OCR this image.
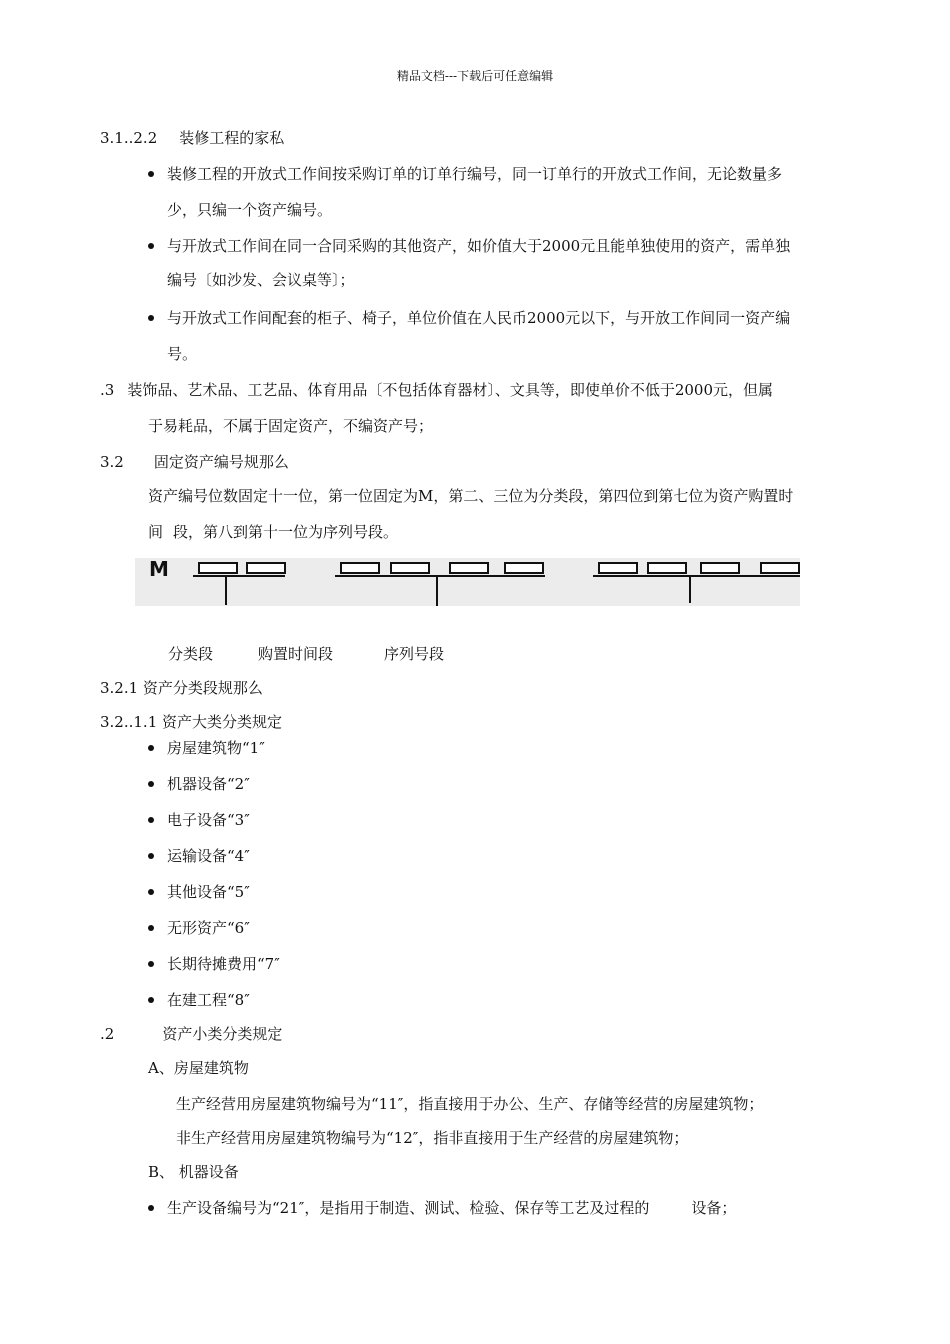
精品文档---下载后可任意编辑
3.1..2.2 装修工程的家私
装修工程的开放式工作间按采购订单的订单行编号，同一订单行的开放式工作间，无论数量多
少，只编一个资产编号。
与开放式工作间在同一合同采购的其他资产，如价值大于2000元且能单独使用的资产，需单独
编号〔如沙发、会议桌等〕；
与开放式工作间配套的柜子、椅子，单位价值在人民币2000元以下，与开放工作间同一资产编
号。
.3 装饰品、艺术品、工艺品、体育用品〔不包括体育器材〕、文具等，即使单价不低于2000元，但属
于易耗品，不属于固定资产，不编资产号；
3.2 固定资产编号规那么
资产编号位数固定十一位，第一位固定为M，第二、三位为分类段，第四位到第七位为资产购置时
间 段，第八到第十一位为序列号段。
M
分类段	购置时间段	序列号段
3.2.1 资产分类段规那么
3.2..1.1 资产大类分类规定
房屋建筑物“1″
机器设备“2″
电子设备“3″
运输设备“4″
其他设备“5″
无形资产“6″
长期待摊费用“7″
在建工程“8″
.2	资产小类分类规定
A、房屋建筑物
生产经营用房屋建筑物编号为“11″，指直接用于办公、生产、存储等经营的房屋建筑物；
非生产经营用房屋建筑物编号为“12″，指非直接用于生产经营的房屋建筑物；
B、 机器设备
生产设备编号为“21″，是指用于制造、测试、检验、保存等工艺及过程的	设备；
